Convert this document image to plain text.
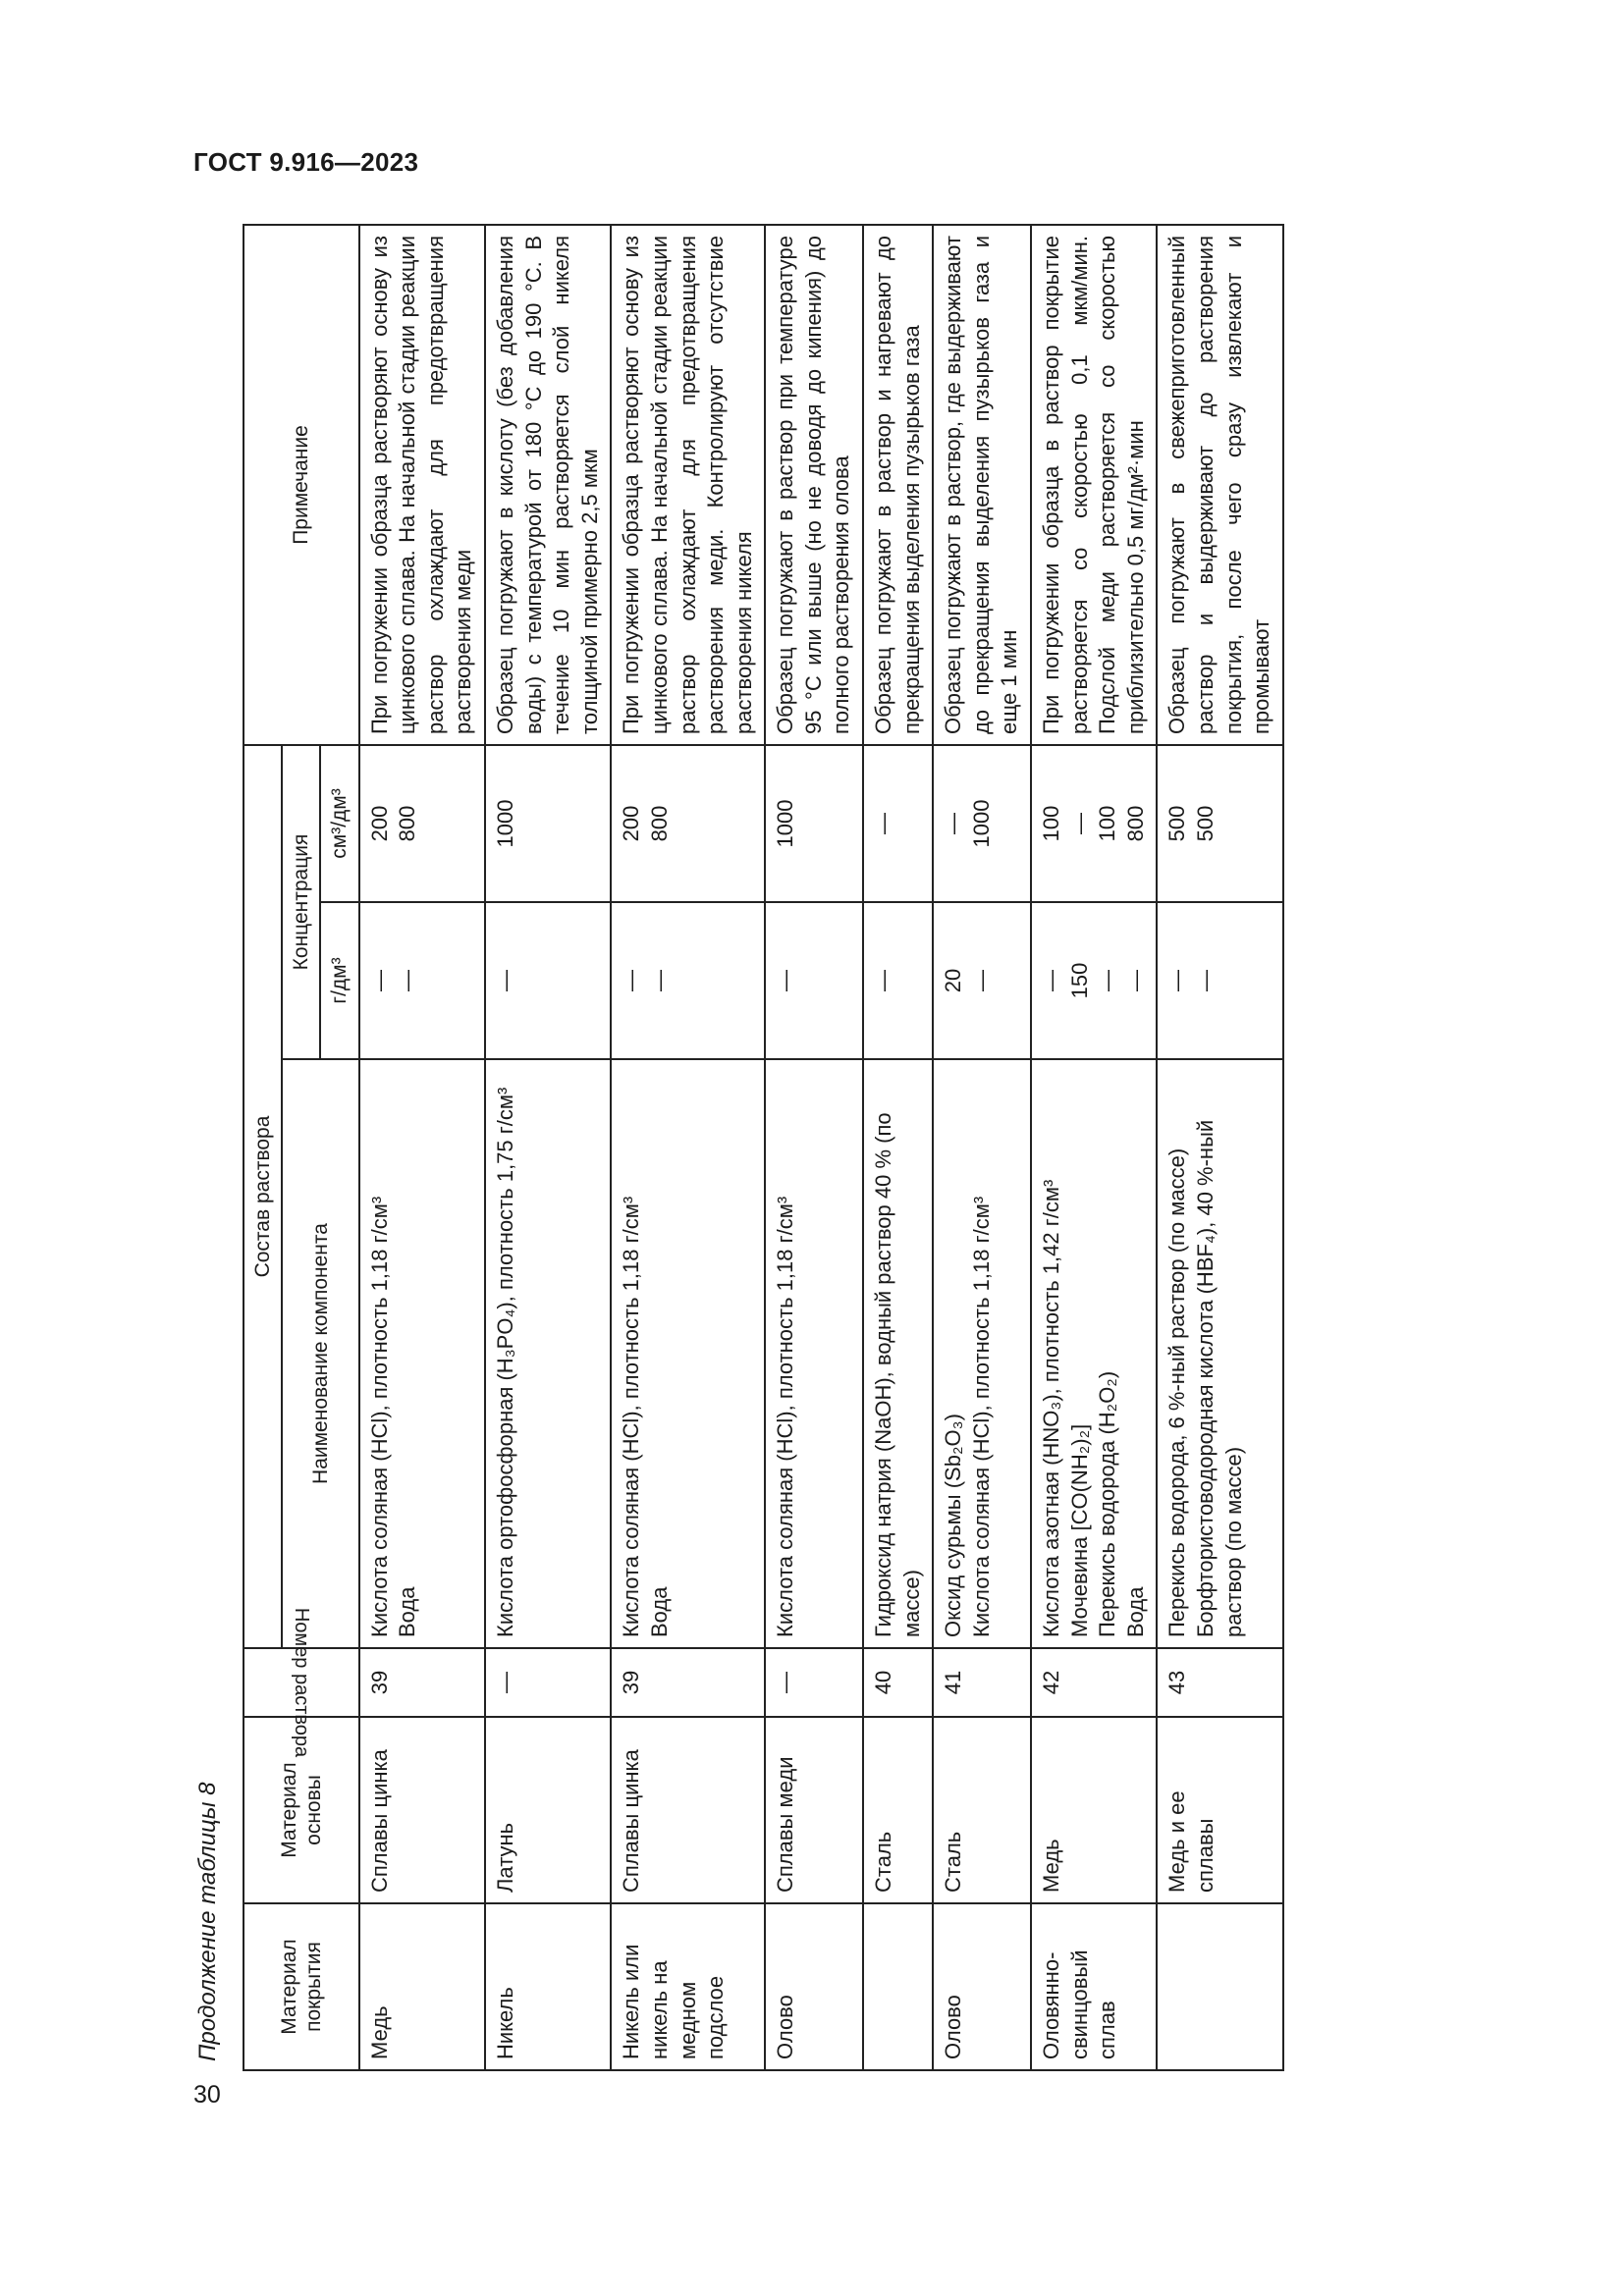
ГОСТ 9.916—2023
Продолжение таблицы 8
30
Материал покрытия	Материал основы	Номер раствора	Состав раствора			Примечание
			Наименование компонента	Концентрация		
				г/дм³	см³/дм³	
Медь	Сплавы цинка	39	Кислота соляная (HCl), плотность 1,18 г/см³ Вода	— —	200 800	При погружении образца растворяют основу из цинкового сплава. На начальной стадии реакции раствор охлаждают для предотвращения растворения меди
Никель	Латунь	—	Кислота ортофосфорная (H₃PO₄), плотность 1,75 г/см³	—	1000	Образец погружают в кислоту (без добавления воды) с температурой от 180 °С до 190 °С. В течение 10 мин растворяется слой никеля толщиной примерно 2,5 мкм
Никель или никель на медном подслое	Сплавы цинка	39	Кислота соляная (HCl), плотность 1,18 г/см³ Вода	— —	200 800	При погружении образца растворяют основу из цинкового сплава. На начальной стадии реакции раствор охлаждают для предотвращения растворения меди. Контролируют отсутствие растворения никеля
Олово	Сплавы меди	—	Кислота соляная (HCl), плотность 1,18 г/см³	—	1000	Образец погружают в раствор при температуре 95 °С или выше (но не доводя до кипения) до полного растворения олова
	Сталь	40	Гидроксид натрия (NaOH), водный раствор 40 % (по массе)	—	—	Образец погружают в раствор и нагревают до прекращения выделения пузырьков газа
Олово	Сталь	41	Оксид сурьмы (Sb₂O₃) Кислота соляная (HCl), плотность 1,18 г/см³	20 —	— 1000	Образец погружают в раствор, где выдерживают до прекращения выделения пузырьков газа и еще 1 мин
Оловянно-свинцовый сплав	Медь	42	Кислота азотная (HNO₃), плотность 1,42 г/см³ Мочевина [CO(NH₂)₂] Перекись водорода (H₂O₂) Вода	— 150 — —	100 — 100 800	При погружении образца в раствор покрытие растворяется со скоростью 0,1 мкм/мин. Подслой меди растворяется со скоростью приблизительно 0,5 мг/дм²·мин
	Медь и ее сплавы	43	Перекись водорода, 6 %-ный раствор (по массе) Борфтористоводородная кислота (HBF₄), 40 %-ный раствор (по массе)	— —	500 500	Образец погружают в свежеприготовленный раствор и выдерживают до растворения покрытия, после чего сразу извлекают и промывают
